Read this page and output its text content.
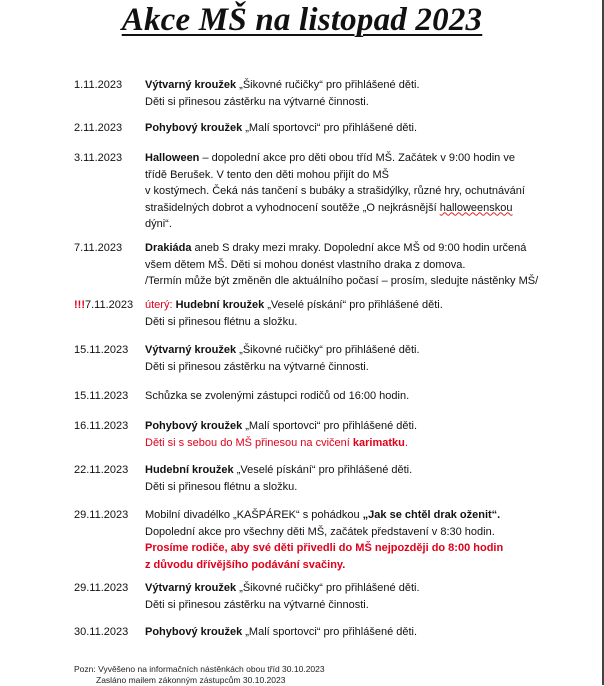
Akce MŠ na listopad 2023
1.11.2023 Výtvarný kroužek „Šikovné ručičky“ pro přihlášené děti.
Děti si přinesou zástěrku na výtvarné činnosti.
2.11.2023 Pohybový kroužek „Malí sportovci“ pro přihlášené děti.
3.11.2023 Halloween – dopolední akce pro děti obou tříd MŠ. Začátek v 9:00 hodin ve
třídě Berušek. V tento den děti mohou přijít do MŠ
v kostýmech. Čeká nás tančení s bubáky a strašidýlky, různé hry, ochutnávání
strašidelných dobrot a vyhodnocení soutěže „O nejkrásnější halloweenskou
dýni“.
7.11.2023 Drakiáda aneb S draky mezi mraky. Dopolední akce MŠ od 9:00 hodin určená
všem dětem MŠ. Děti si mohou donést vlastního draka z domova.
/Termín může být změněn dle aktuálního počasí – prosím, sledujte nástěnky MŠ/
!!!7.11.2023 úterý: Hudební kroužek „Veselé pískání“ pro přihlášené děti.
Děti si přinesou flétnu a složku.
15.11.2023 Výtvarný kroužek „Šikovné ručičky“ pro přihlášené děti.
Děti si přinesou zástěrku na výtvarné činnosti.
15.11.2023 Schůzka se zvolenými zástupci rodičů od 16:00 hodin.
16.11.2023 Pohybový kroužek „Malí sportovci“ pro přihlášené děti.
Děti si s sebou do MŠ přinesou na cvičení karimatku.
22.11.2023 Hudební kroužek „Veselé pískání“ pro přihlášené děti.
Děti si přinesou flétnu a složku.
29.11.2023 Mobilní divadélko „KAŠPÁREK“ s pohádkou „Jak se chtěl drak oženit“.
Dopolední akce pro všechny děti MŠ, začátek představení v 8:30 hodin.
Prosíme rodiče, aby své děti přivedli do MŠ nejpozději do 8:00 hodin
z důvodu dřívějšího podávání svačiny.
29.11.2023 Výtvarný kroužek „Šikovné ručičky“ pro přihlášené děti.
Děti si přinesou zástěrku na výtvarné činnosti.
30.11.2023 Pohybový kroužek „Malí sportovci“ pro přihlášené děti.
Pozn: Vyvěšeno na informačních nástěnkách obou tříd 30.10.2023
Zasláno mailem zákonným zástupcům 30.10.2023
